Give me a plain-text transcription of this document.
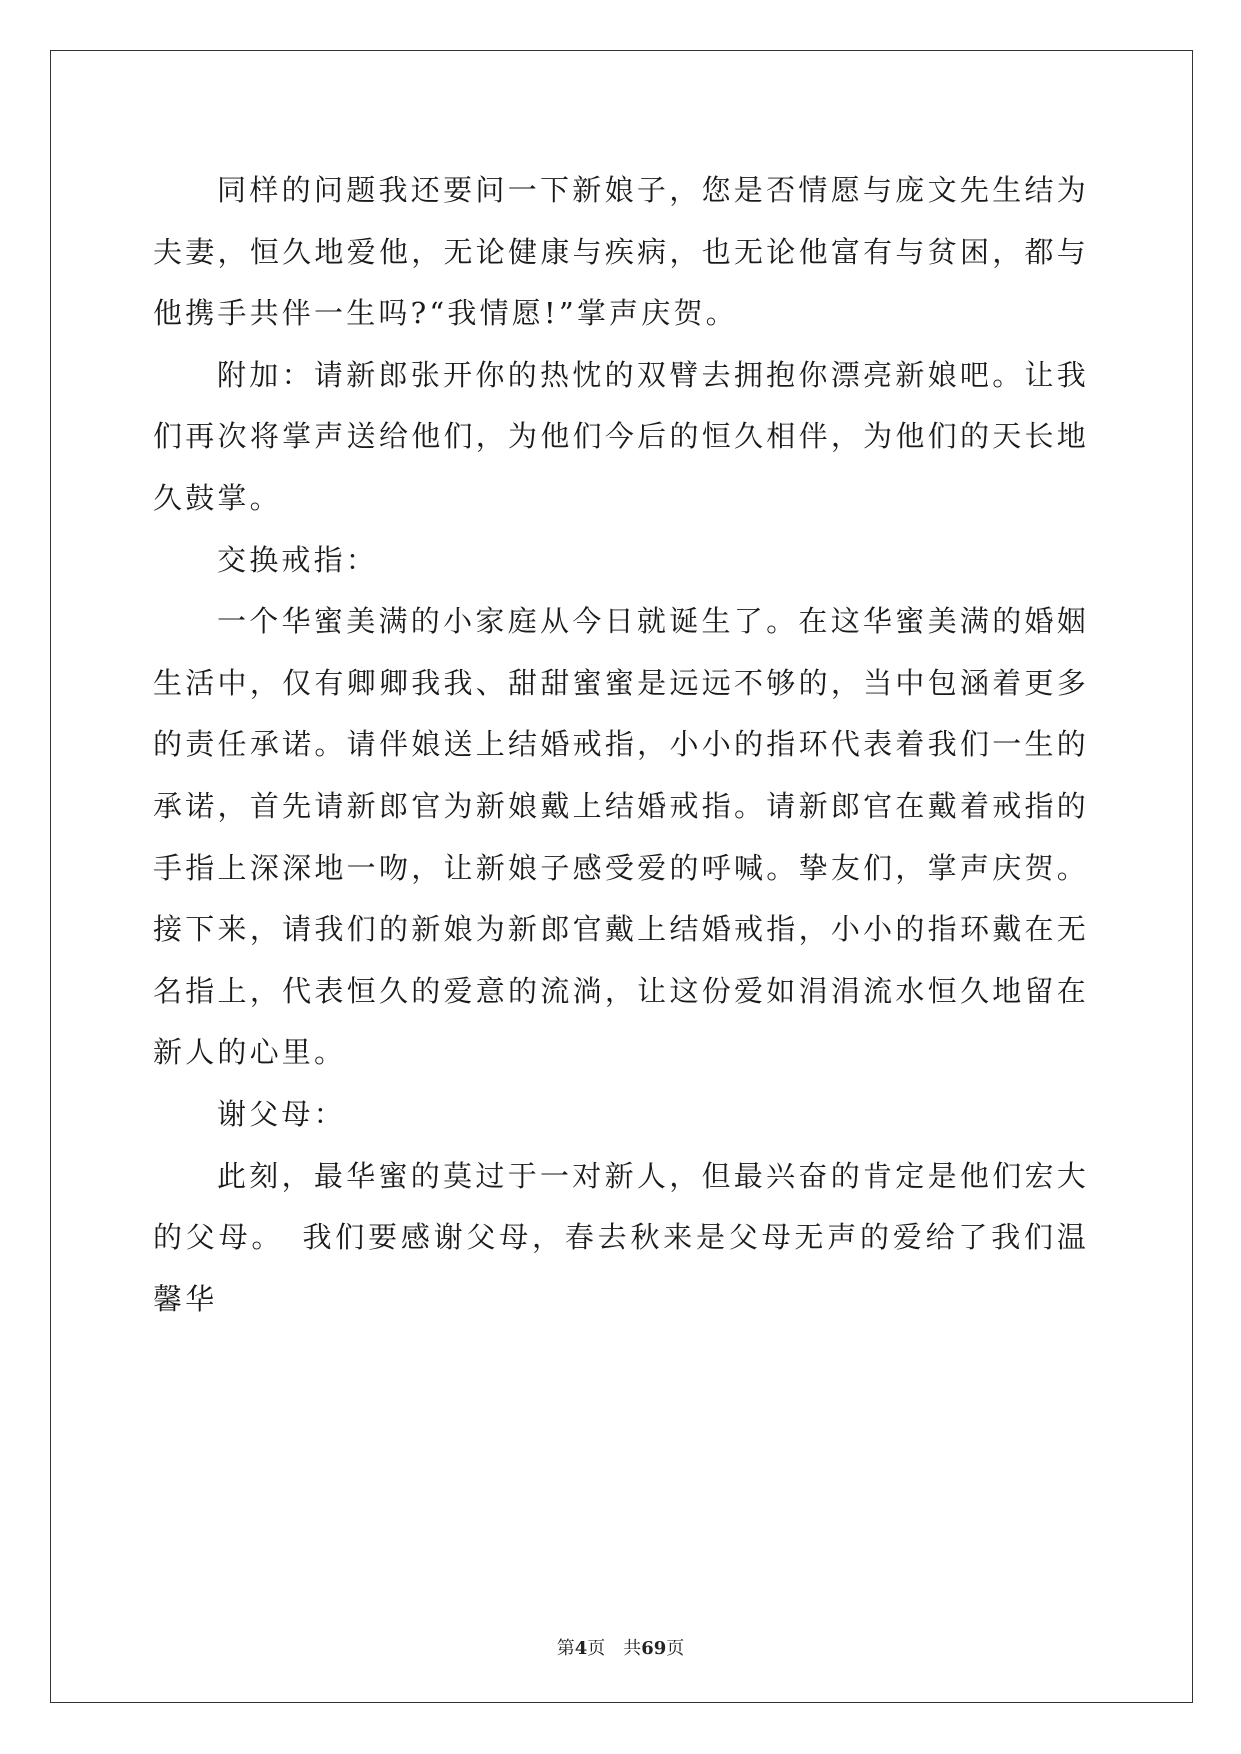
同样的问题我还要问一下新娘子，您是否情愿与庞文先生结为夫妻，恒久地爱他，无论健康与疾病，也无论他富有与贫困，都与他携手共伴一生吗?“我情愿!”掌声庆贺。

附加：请新郎张开你的热忱的双臂去拥抱你漂亮新娘吧。让我们再次将掌声送给他们，为他们今后的恒久相伴，为他们的天长地久鼓掌。

交换戒指：

一个华蜜美满的小家庭从今日就诞生了。在这华蜜美满的婚姻生活中，仅有卿卿我我、甜甜蜜蜜是远远不够的，当中包涵着更多的责任承诺。请伴娘送上结婚戒指，小小的指环代表着我们一生的承诺，首先请新郎官为新娘戴上结婚戒指。请新郎官在戴着戒指的手指上深深地一吻，让新娘子感受爱的呼喊。挚友们，掌声庆贺。接下来，请我们的新娘为新郎官戴上结婚戒指，小小的指环戴在无名指上，代表恒久的爱意的流淌，让这份爱如涓涓流水恒久地留在新人的心里。

谢父母：

此刻，最华蜜的莫过于一对新人，但最兴奋的肯定是他们宏大的父母。　我们要感谢父母，春去秋来是父母无声的爱给了我们温馨华

第4页　 共69页
